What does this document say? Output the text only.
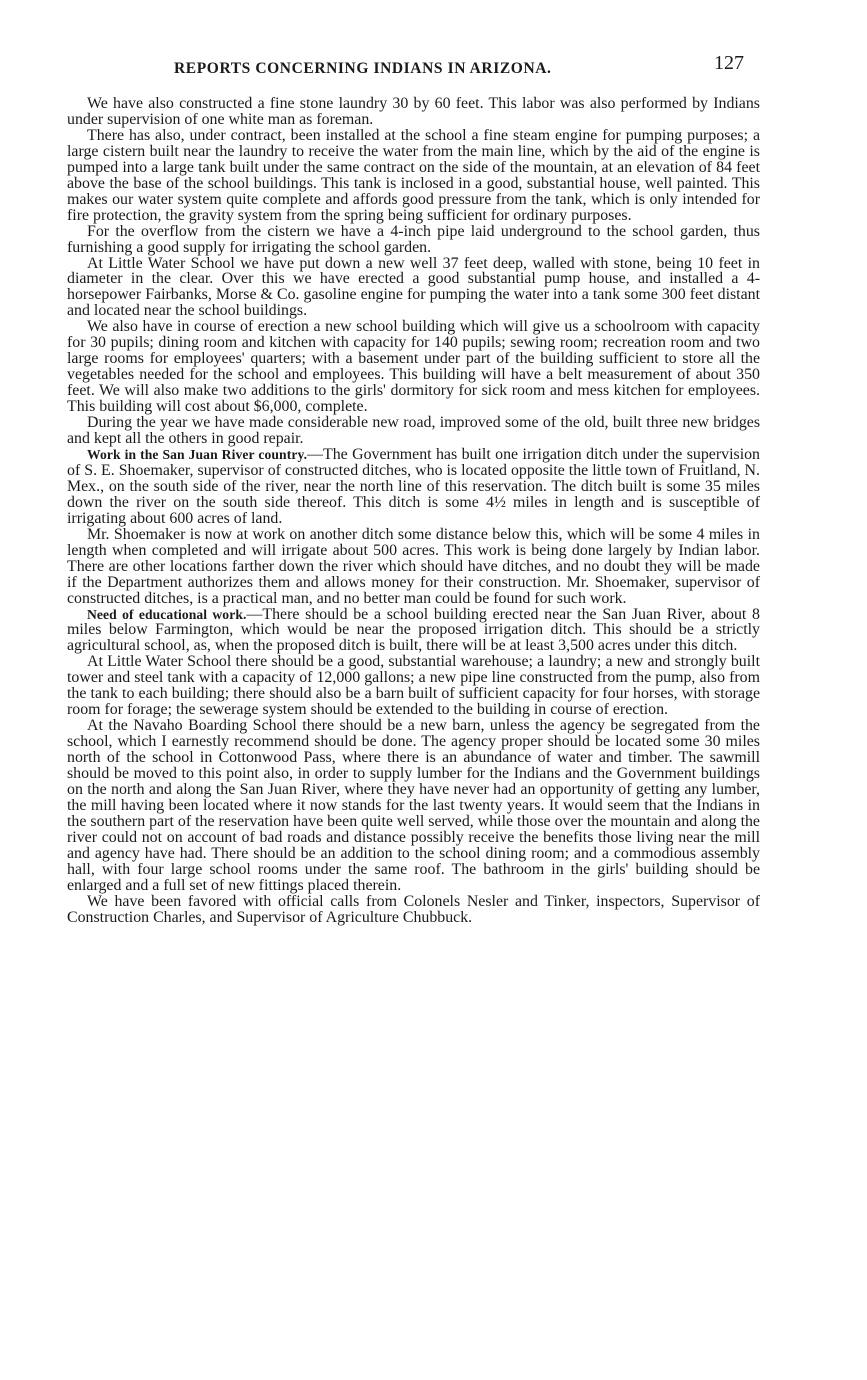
REPORTS CONCERNING INDIANS IN ARIZONA.	127

We have also constructed a fine stone laundry 30 by 60 feet. This labor was also performed by Indians under supervision of one white man as foreman.

There has also, under contract, been installed at the school a fine steam engine for pumping purposes; a large cistern built near the laundry to receive the water from the main line, which by the aid of the engine is pumped into a large tank built under the same contract on the side of the mountain, at an elevation of 84 feet above the base of the school buildings. This tank is inclosed in a good, substantial house, well painted. This makes our water system quite complete and affords good pressure from the tank, which is only intended for fire protection, the gravity system from the spring being sufficient for ordinary purposes.

For the overflow from the cistern we have a 4-inch pipe laid underground to the school garden, thus furnishing a good supply for irrigating the school garden.

At Little Water School we have put down a new well 37 feet deep, walled with stone, being 10 feet in diameter in the clear. Over this we have erected a good substantial pump house, and installed a 4-horsepower Fairbanks, Morse & Co. gasoline engine for pumping the water into a tank some 300 feet distant and located near the school buildings.

We also have in course of erection a new school building which will give us a schoolroom with capacity for 30 pupils; dining room and kitchen with capacity for 140 pupils; sewing room; recreation room and two large rooms for employees' quarters; with a basement under part of the building sufficient to store all the vegetables needed for the school and employees. This building will have a belt measurement of about 350 feet. We will also make two additions to the girls' dormitory for sick room and mess kitchen for employees. This building will cost about $6,000, complete.

During the year we have made considerable new road, improved some of the old, built three new bridges and kept all the others in good repair.

Work in the San Juan River country.—The Government has built one irrigation ditch under the supervision of S. E. Shoemaker, supervisor of constructed ditches, who is located opposite the little town of Fruitland, N. Mex., on the south side of the river, near the north line of this reservation. The ditch built is some 35 miles down the river on the south side thereof. This ditch is some 4½ miles in length and is susceptible of irrigating about 600 acres of land.

Mr. Shoemaker is now at work on another ditch some distance below this, which will be some 4 miles in length when completed and will irrigate about 500 acres. This work is being done largely by Indian labor. There are other locations farther down the river which should have ditches, and no doubt they will be made if the Department authorizes them and allows money for their construction. Mr. Shoemaker, supervisor of constructed ditches, is a practical man, and no better man could be found for such work.

Need of educational work.—There should be a school building erected near the San Juan River, about 8 miles below Farmington, which would be near the proposed irrigation ditch. This should be a strictly agricultural school, as, when the proposed ditch is built, there will be at least 3,500 acres under this ditch.

At Little Water School there should be a good, substantial warehouse; a laundry; a new and strongly built tower and steel tank with a capacity of 12,000 gallons; a new pipe line constructed from the pump, also from the tank to each building; there should also be a barn built of sufficient capacity for four horses, with storage room for forage; the sewerage system should be extended to the building in course of erection.

At the Navaho Boarding School there should be a new barn, unless the agency be segregated from the school, which I earnestly recommend should be done. The agency proper should be located some 30 miles north of the school in Cottonwood Pass, where there is an abundance of water and timber. The sawmill should be moved to this point also, in order to supply lumber for the Indians and the Government buildings on the north and along the San Juan River, where they have never had an opportunity of getting any lumber, the mill having been located where it now stands for the last twenty years. It would seem that the Indians in the southern part of the reservation have been quite well served, while those over the mountain and along the river could not on account of bad roads and distance possibly receive the benefits those living near the mill and agency have had. There should be an addition to the school dining room; and a commodious assembly hall, with four large school rooms under the same roof. The bathroom in the girls' building should be enlarged and a full set of new fittings placed therein.

We have been favored with official calls from Colonels Nesler and Tinker, inspectors, Supervisor of Construction Charles, and Supervisor of Agriculture Chubbuck.
